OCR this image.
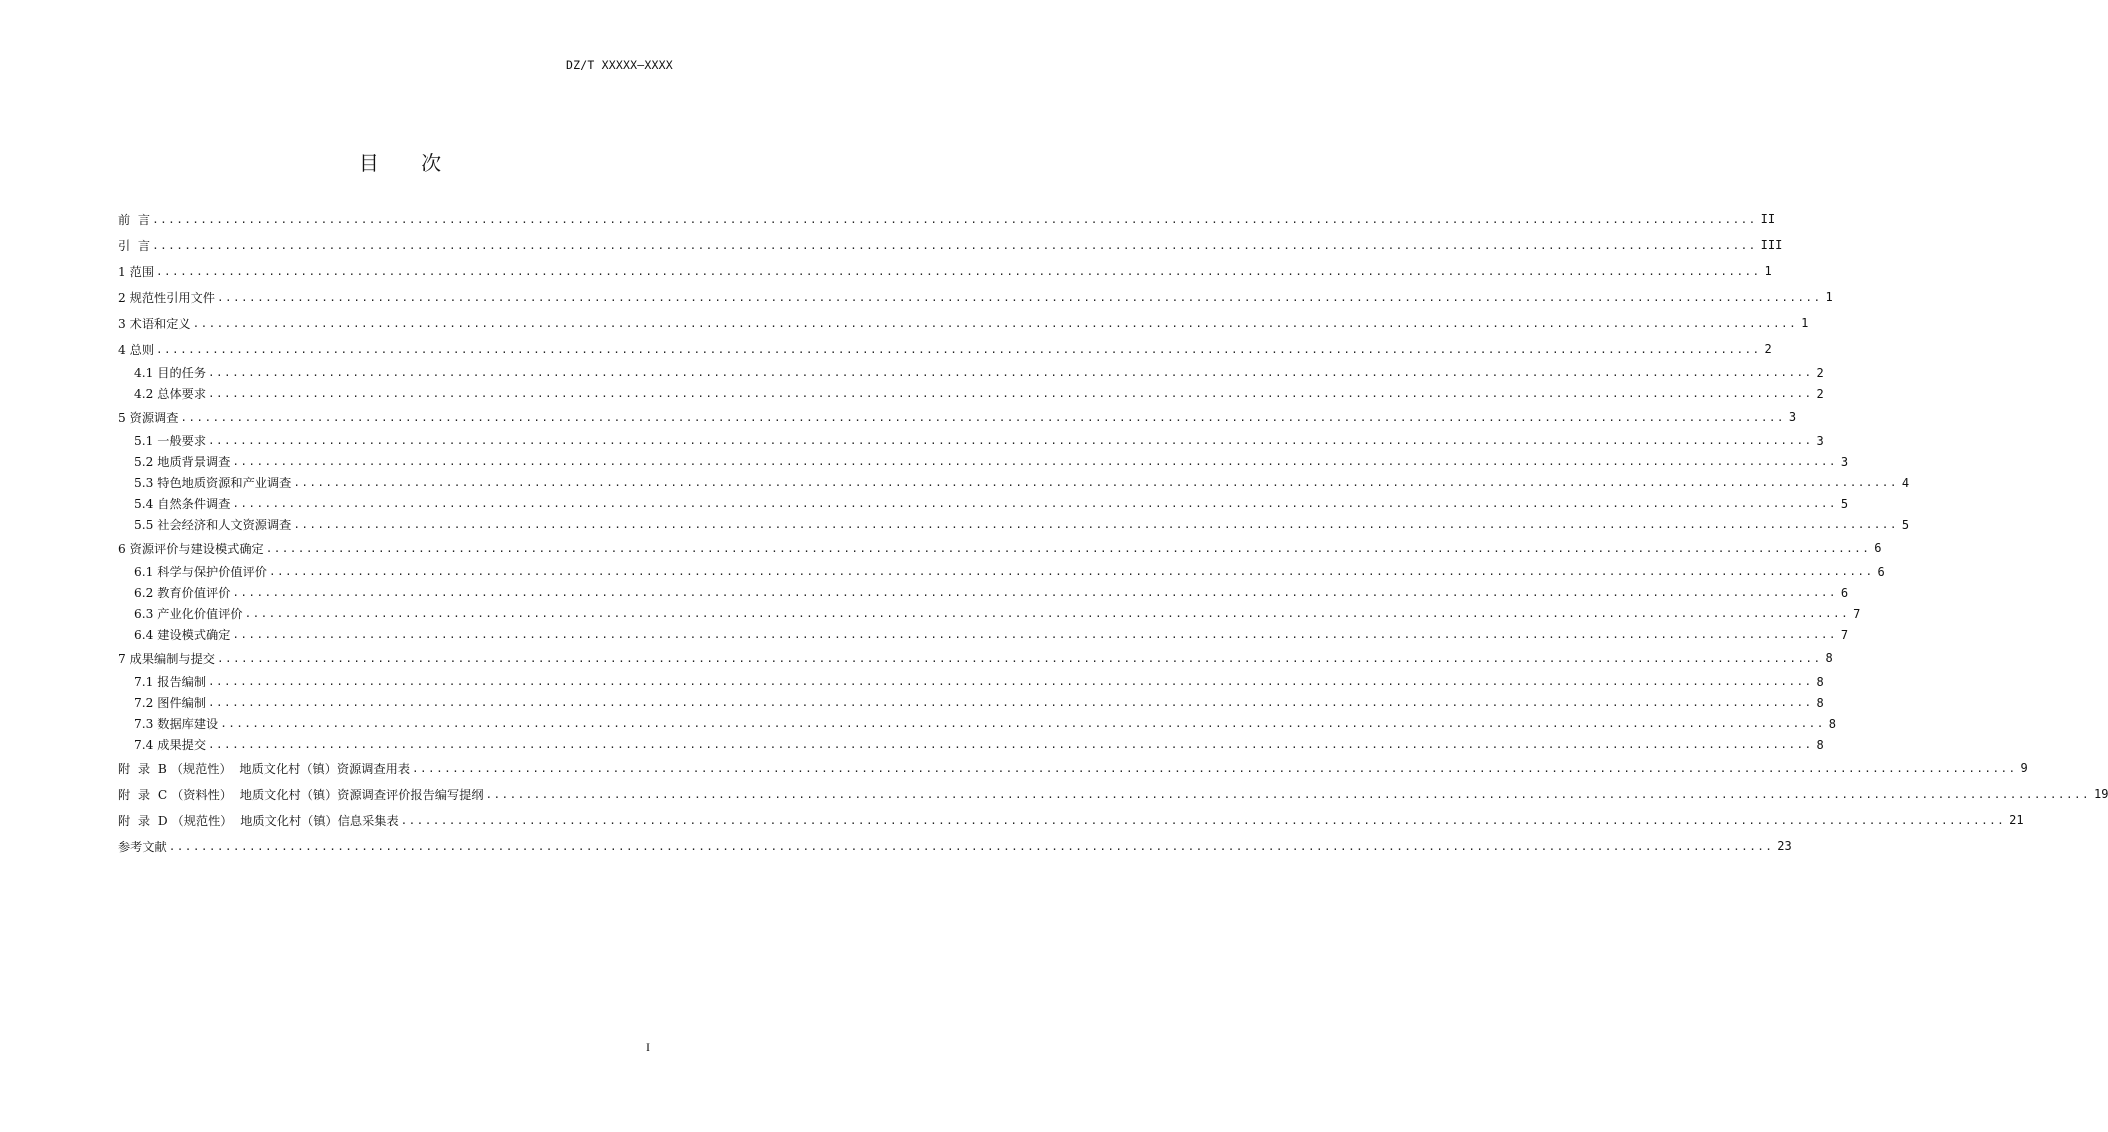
DZ/T XXXXX—XXXX
目 次
前  言 ........................................................................................................................................................................................................ II
引  言 ........................................................................................................................................................................................................ III
1 范围 ........................................................................................................................................................................................................ 1
2 规范性引用文件 ........................................................................................................................................................................................................ 1
3 术语和定义 ........................................................................................................................................................................................................ 1
4 总则 ........................................................................................................................................................................................................ 2
4.1 目的任务 ........................................................................................................................................................................................................ 2
4.2 总体要求 ........................................................................................................................................................................................................ 2
5 资源调查 ........................................................................................................................................................................................................ 3
5.1 一般要求 ........................................................................................................................................................................................................ 3
5.2 地质背景调查 ........................................................................................................................................................................................................ 3
5.3 特色地质资源和产业调查 ........................................................................................................................................................................................................ 4
5.4 自然条件调查 ........................................................................................................................................................................................................ 5
5.5 社会经济和人文资源调查 ........................................................................................................................................................................................................ 5
6 资源评价与建设模式确定 ........................................................................................................................................................................................................ 6
6.1 科学与保护价值评价 ........................................................................................................................................................................................................ 6
6.2 教育价值评价 ........................................................................................................................................................................................................ 6
6.3 产业化价值评价 ........................................................................................................................................................................................................ 7
6.4 建设模式确定 ........................................................................................................................................................................................................ 7
7 成果编制与提交 ........................................................................................................................................................................................................ 8
7.1 报告编制 ........................................................................................................................................................................................................ 8
7.2 图件编制 ........................................................................................................................................................................................................ 8
7.3 数据库建设 ........................................................................................................................................................................................................ 8
7.4 成果提交 ........................................................................................................................................................................................................ 8
附  录  B （规范性）  地质文化村（镇）资源调查用表 ........................................................................................................................................................................................................ 9
附  录  C （资料性）  地质文化村（镇）资源调查评价报告编写提纲 ........................................................................................................................................................................................................ 19
附  录  D （规范性）  地质文化村（镇）信息采集表 ........................................................................................................................................................................................................ 21
参考文献 ........................................................................................................................................................................................................ 23
I
